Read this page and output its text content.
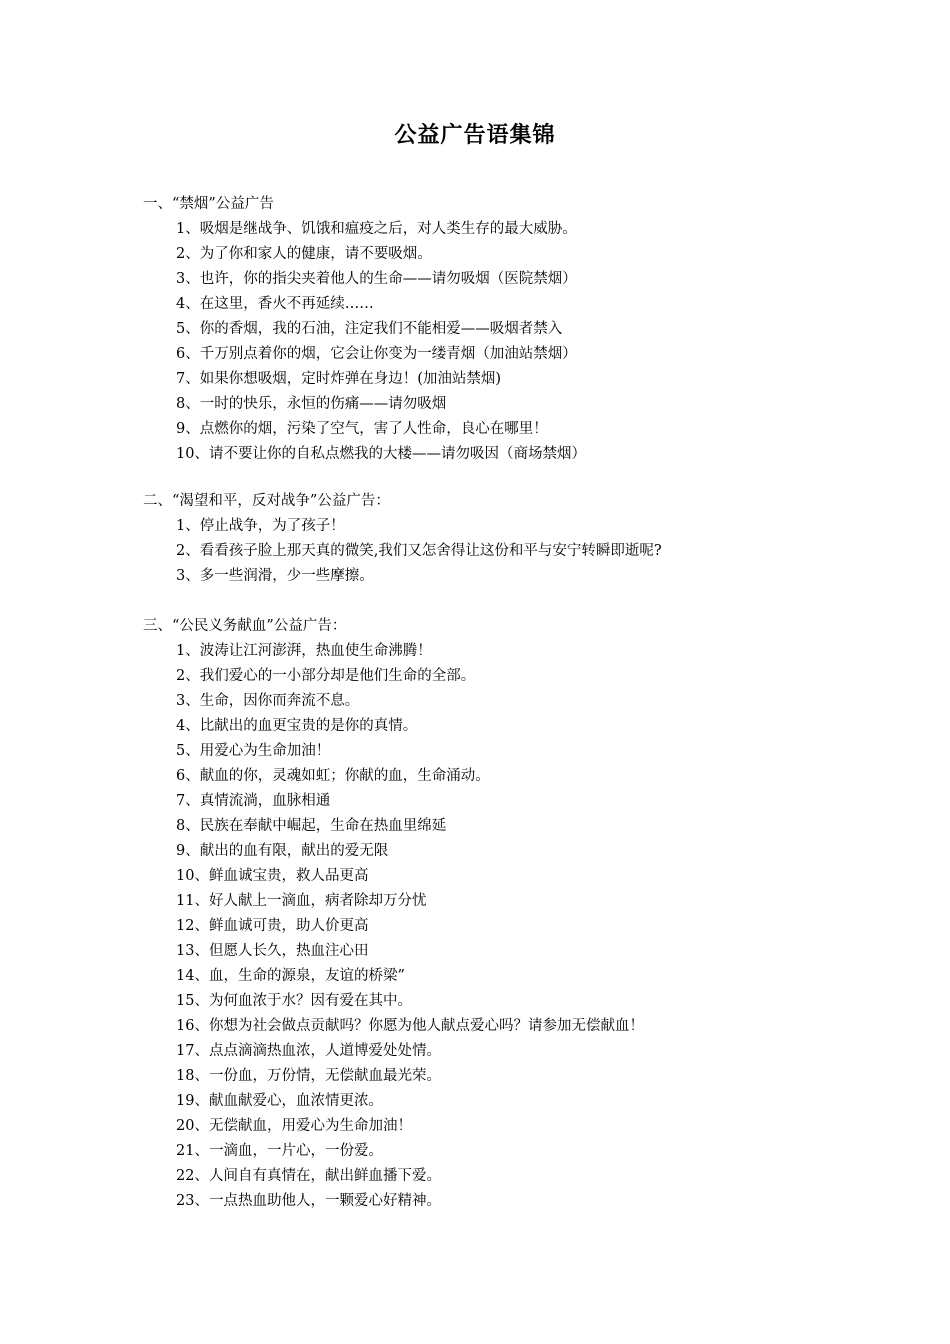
公益广告语集锦
一、“禁烟”公益广告
1、吸烟是继战争、饥饿和瘟疫之后，对人类生存的最大威胁。
2、为了你和家人的健康，请不要吸烟。
3、也许，你的指尖夹着他人的生命——请勿吸烟（医院禁烟）
4、在这里，香火不再延续……
5、你的香烟，我的石油，注定我们不能相爱——吸烟者禁入
6、千万别点着你的烟，它会让你变为一缕青烟（加油站禁烟）
7、如果你想吸烟，定时炸弹在身边！(加油站禁烟)
8、一时的快乐，永恒的伤痛——请勿吸烟
9、点燃你的烟，污染了空气，害了人性命，良心在哪里！
10、请不要让你的自私点燃我的大楼——请勿吸因（商场禁烟）
二、“渴望和平，反对战争”公益广告：
1、停止战争，为了孩子！
2、看看孩子脸上那天真的微笑,我们又怎舍得让这份和平与安宁转瞬即逝呢?
3、多一些润滑，少一些摩擦。
三、“公民义务献血”公益广告：
1、波涛让江河澎湃，热血使生命沸腾！
2、我们爱心的一小部分却是他们生命的全部。
3、生命，因你而奔流不息。
4、比献出的血更宝贵的是你的真情。
5、用爱心为生命加油！
6、献血的你，灵魂如虹；你献的血，生命涌动。
7、真情流淌，血脉相通
8、民族在奉献中崛起，生命在热血里绵延
9、献出的血有限，献出的爱无限
10、鲜血诚宝贵，救人品更高
11、好人献上一滴血，病者除却万分忧
12、鲜血诚可贵，助人价更高
13、但愿人长久，热血注心田
14、血，生命的源泉，友谊的桥梁”
15、为何血浓于水？因有爱在其中。
16、你想为社会做点贡献吗？你愿为他人献点爱心吗？请参加无偿献血！
17、点点滴滴热血浓，人道博爱处处情。
18、一份血，万份情，无偿献血最光荣。
19、献血献爱心，血浓情更浓。
20、无偿献血，用爱心为生命加油！
21、一滴血，一片心，一份爱。
22、人间自有真情在，献出鲜血播下爱。
23、一点热血助他人，一颗爱心好精神。
